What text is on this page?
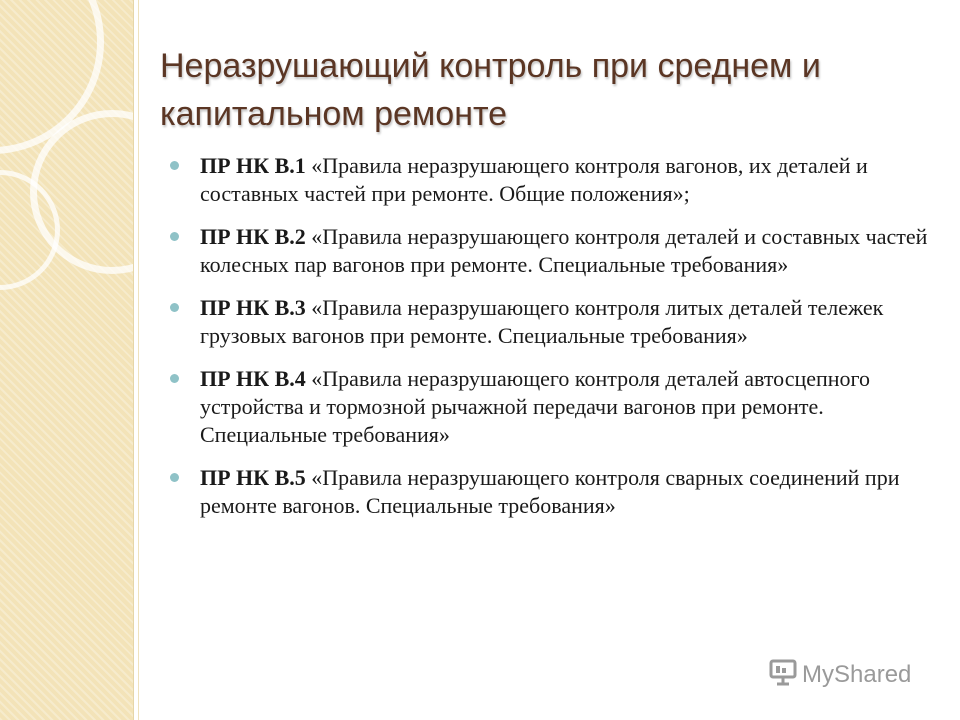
Неразрушающий контроль при среднем и капитальном ремонте
ПР НК В.1 «Правила неразрушающего контроля вагонов, их деталей и составных частей при ремонте. Общие положения»;
ПР НК В.2 «Правила неразрушающего контроля деталей и составных частей колесных пар вагонов при ремонте. Специальные требования»
ПР НК В.3 «Правила неразрушающего контроля литых деталей тележек грузовых вагонов при ремонте. Специальные требования»
ПР НК В.4 «Правила неразрушающего контроля деталей автосцепного устройства и тормозной рычажной передачи вагонов при ремонте. Специальные требования»
ПР НК В.5 «Правила неразрушающего контроля сварных соединений при ремонте вагонов. Специальные требования»
MyShared
